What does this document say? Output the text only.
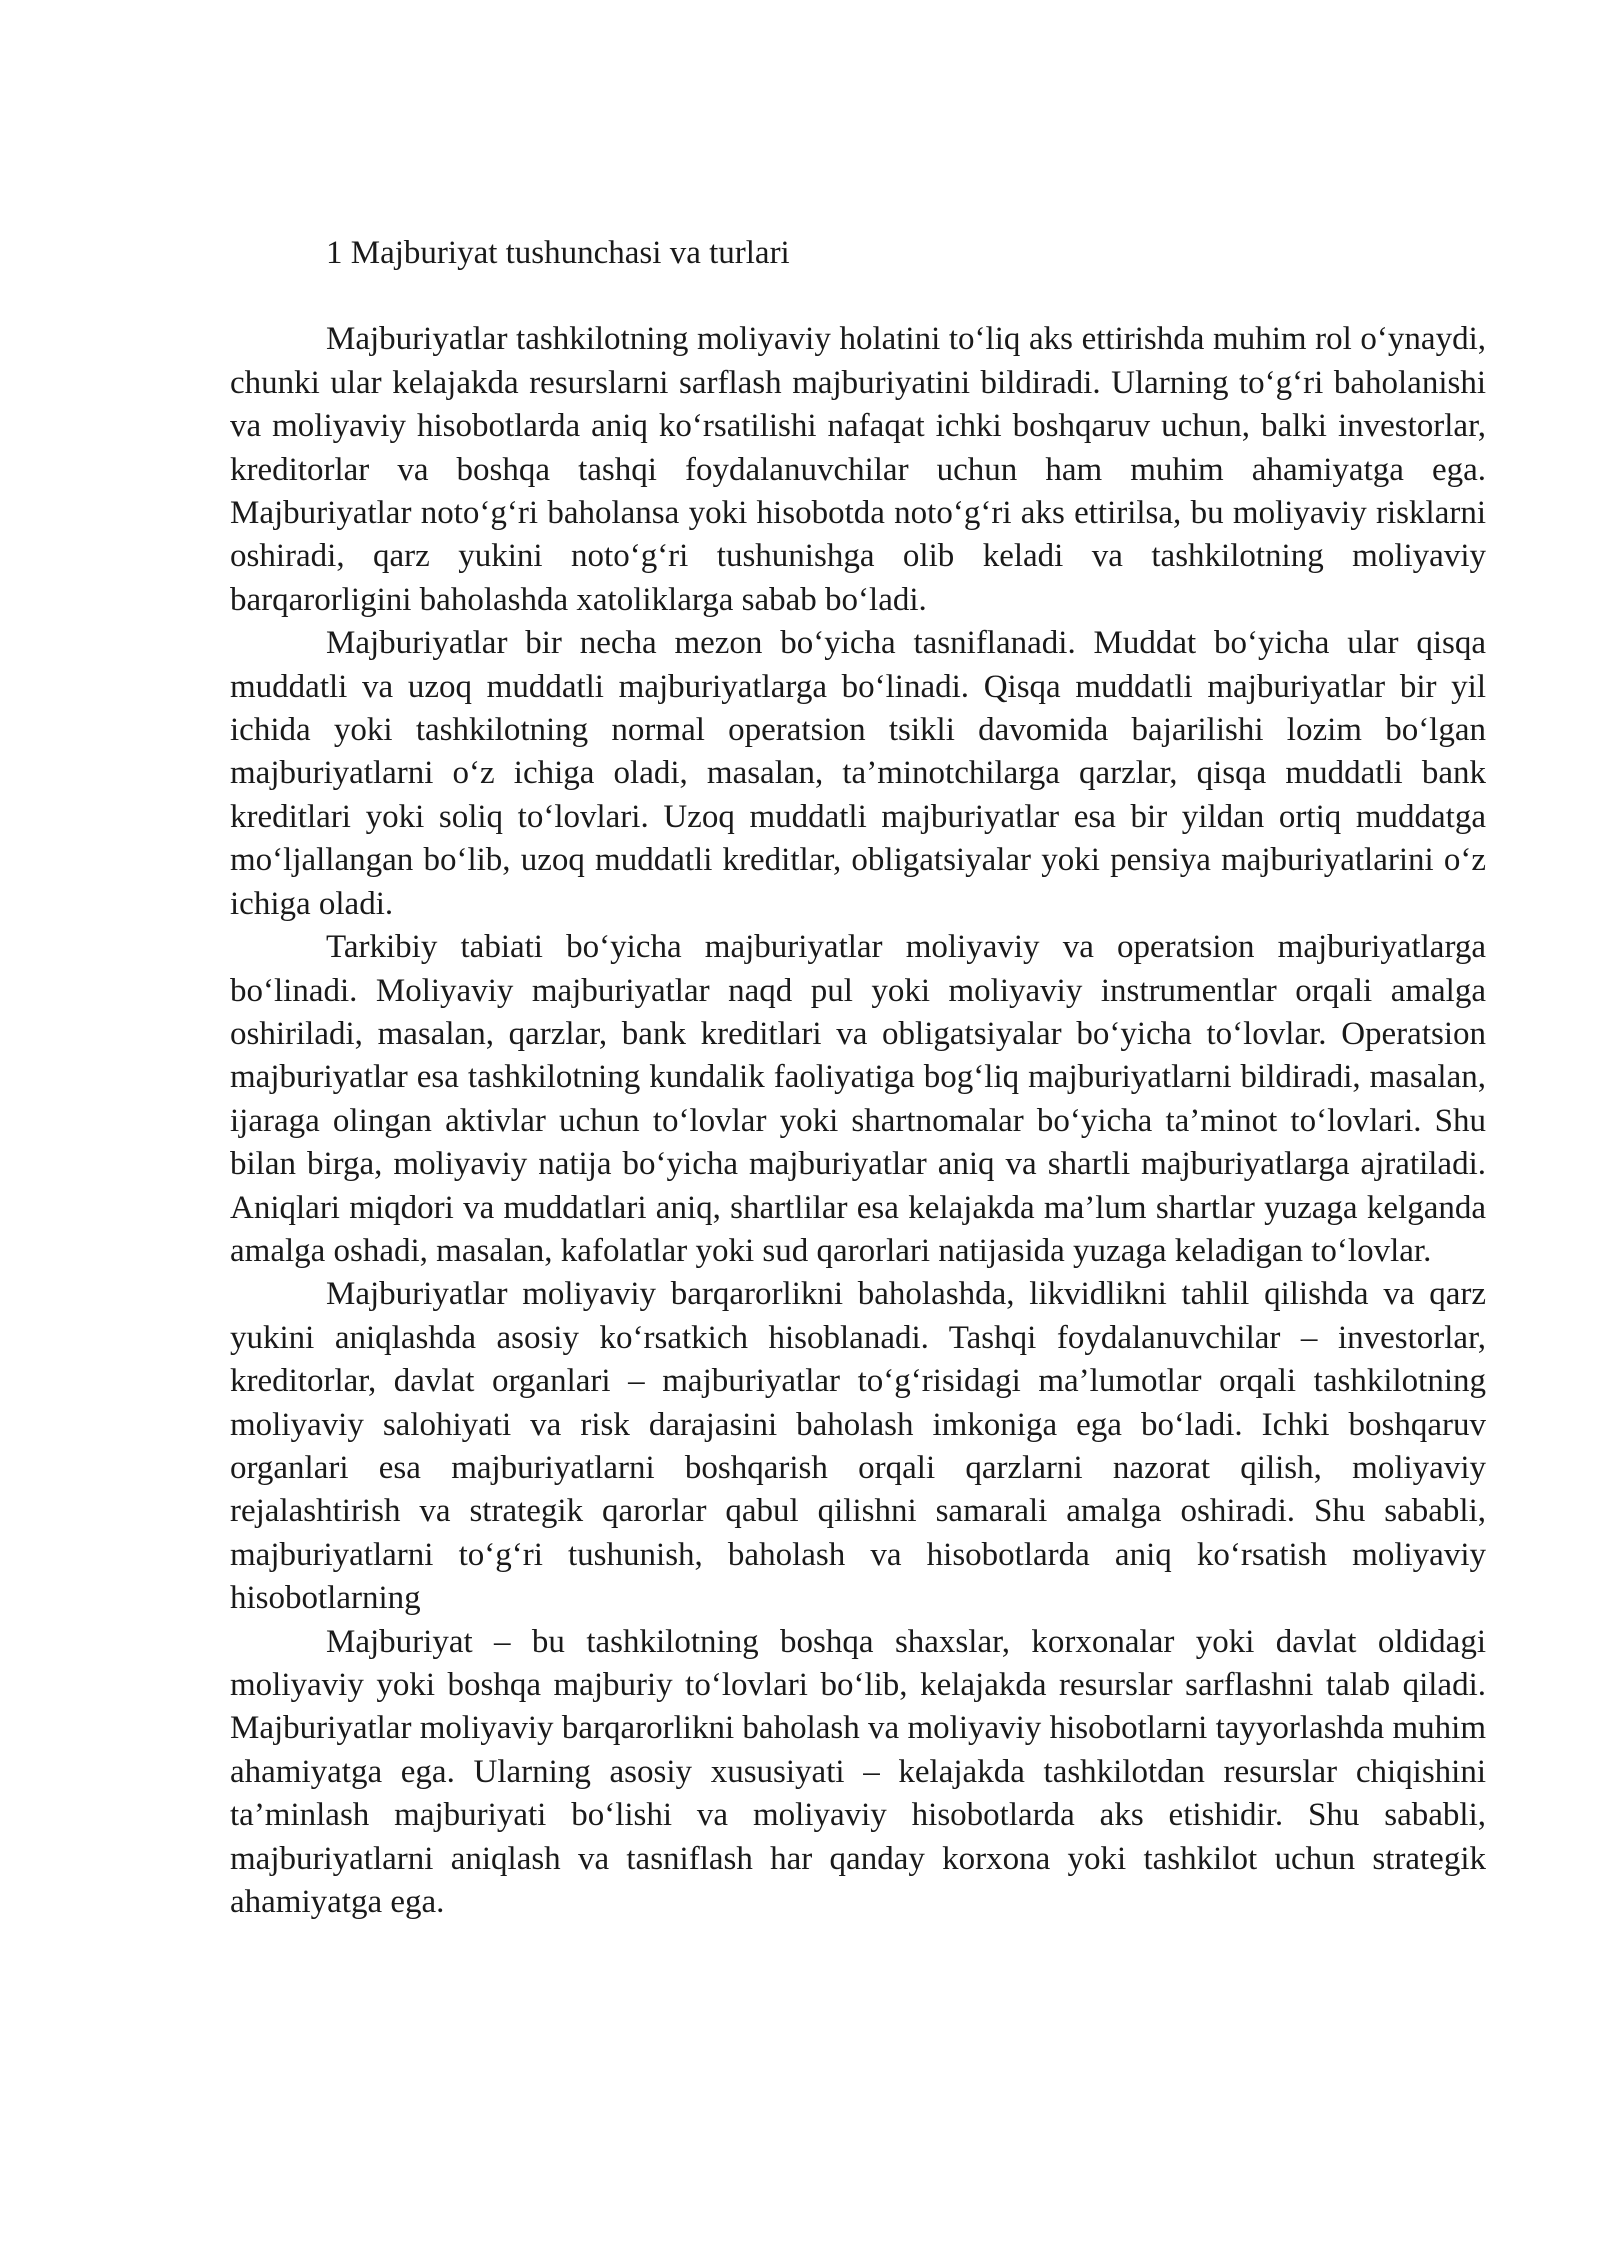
1 Majburiyat tushunchasi va turlari

Majburiyatlar tashkilotning moliyaviy holatini to‘liq aks ettirishda muhim rol o‘ynaydi, chunki ular kelajakda resurslarni sarflash majburiyatini bildiradi. Ularning to‘g‘ri baholanishi va moliyaviy hisobotlarda aniq ko‘rsatilishi nafaqat ichki boshqaruv uchun, balki investorlar, kreditorlar va boshqa tashqi foydalanuvchilar uchun ham muhim ahamiyatga ega. Majburiyatlar noto‘g‘ri baholansa yoki hisobotda noto‘g‘ri aks ettirilsa, bu moliyaviy risklarni oshiradi, qarz yukini noto‘g‘ri tushunishga olib keladi va tashkilotning moliyaviy barqarorligini baholashda xatoliklarga sabab bo‘ladi.

Majburiyatlar bir necha mezon bo‘yicha tasniflanadi. Muddat bo‘yicha ular qisqa muddatli va uzoq muddatli majburiyatlarga bo‘linadi. Qisqa muddatli majburiyatlar bir yil ichida yoki tashkilotning normal operatsion tsikli davomida bajarilishi lozim bo‘lgan majburiyatlarni o‘z ichiga oladi, masalan, ta’minotchilarga qarzlar, qisqa muddatli bank kreditlari yoki soliq to‘lovlari. Uzoq muddatli majburiyatlar esa bir yildan ortiq muddatga mo‘ljallangan bo‘lib, uzoq muddatli kreditlar, obligatsiyalar yoki pensiya majburiyatlarini o‘z ichiga oladi.

Tarkibiy tabiati bo‘yicha majburiyatlar moliyaviy va operatsion majburiyatlarga bo‘linadi. Moliyaviy majburiyatlar naqd pul yoki moliyaviy instrumentlar orqali amalga oshiriladi, masalan, qarzlar, bank kreditlari va obligatsiyalar bo‘yicha to‘lovlar. Operatsion majburiyatlar esa tashkilotning kundalik faoliyatiga bog‘liq majburiyatlarni bildiradi, masalan, ijaraga olingan aktivlar uchun to‘lovlar yoki shartnomalar bo‘yicha ta’minot to‘lovlari. Shu bilan birga, moliyaviy natija bo‘yicha majburiyatlar aniq va shartli majburiyatlarga ajratiladi. Aniqlari miqdori va muddatlari aniq, shartlilar esa kelajakda ma’lum shartlar yuzaga kelganda amalga oshadi, masalan, kafolatlar yoki sud qarorlari natijasida yuzaga keladigan to‘lovlar.

Majburiyatlar moliyaviy barqarorlikni baholashda, likvidlikni tahlil qilishda va qarz yukini aniqlashda asosiy ko‘rsatkich hisoblanadi. Tashqi foydalanuvchilar – investorlar, kreditorlar, davlat organlari – majburiyatlar to‘g‘risidagi ma’lumotlar orqali tashkilotning moliyaviy salohiyati va risk darajasini baholash imkoniga ega bo‘ladi. Ichki boshqaruv organlari esa majburiyatlarni boshqarish orqali qarzlarni nazorat qilish, moliyaviy rejalashtirish va strategik qarorlar qabul qilishni samarali amalga oshiradi. Shu sababli, majburiyatlarni to‘g‘ri tushunish, baholash va hisobotlarda aniq ko‘rsatish moliyaviy hisobotlarning

Majburiyat – bu tashkilotning boshqa shaxslar, korxonalar yoki davlat oldidagi moliyaviy yoki boshqa majburiy to‘lovlari bo‘lib, kelajakda resurslar sarflashni talab qiladi. Majburiyatlar moliyaviy barqarorlikni baholash va moliyaviy hisobotlarni tayyorlashda muhim ahamiyatga ega. Ularning asosiy xususiyati – kelajakda tashkilotdan resurslar chiqishini ta’minlash majburiyati bo‘lishi va moliyaviy hisobotlarda aks etishidir. Shu sababli, majburiyatlarni aniqlash va tasniflash har qanday korxona yoki tashkilot uchun strategik ahamiyatga ega.
